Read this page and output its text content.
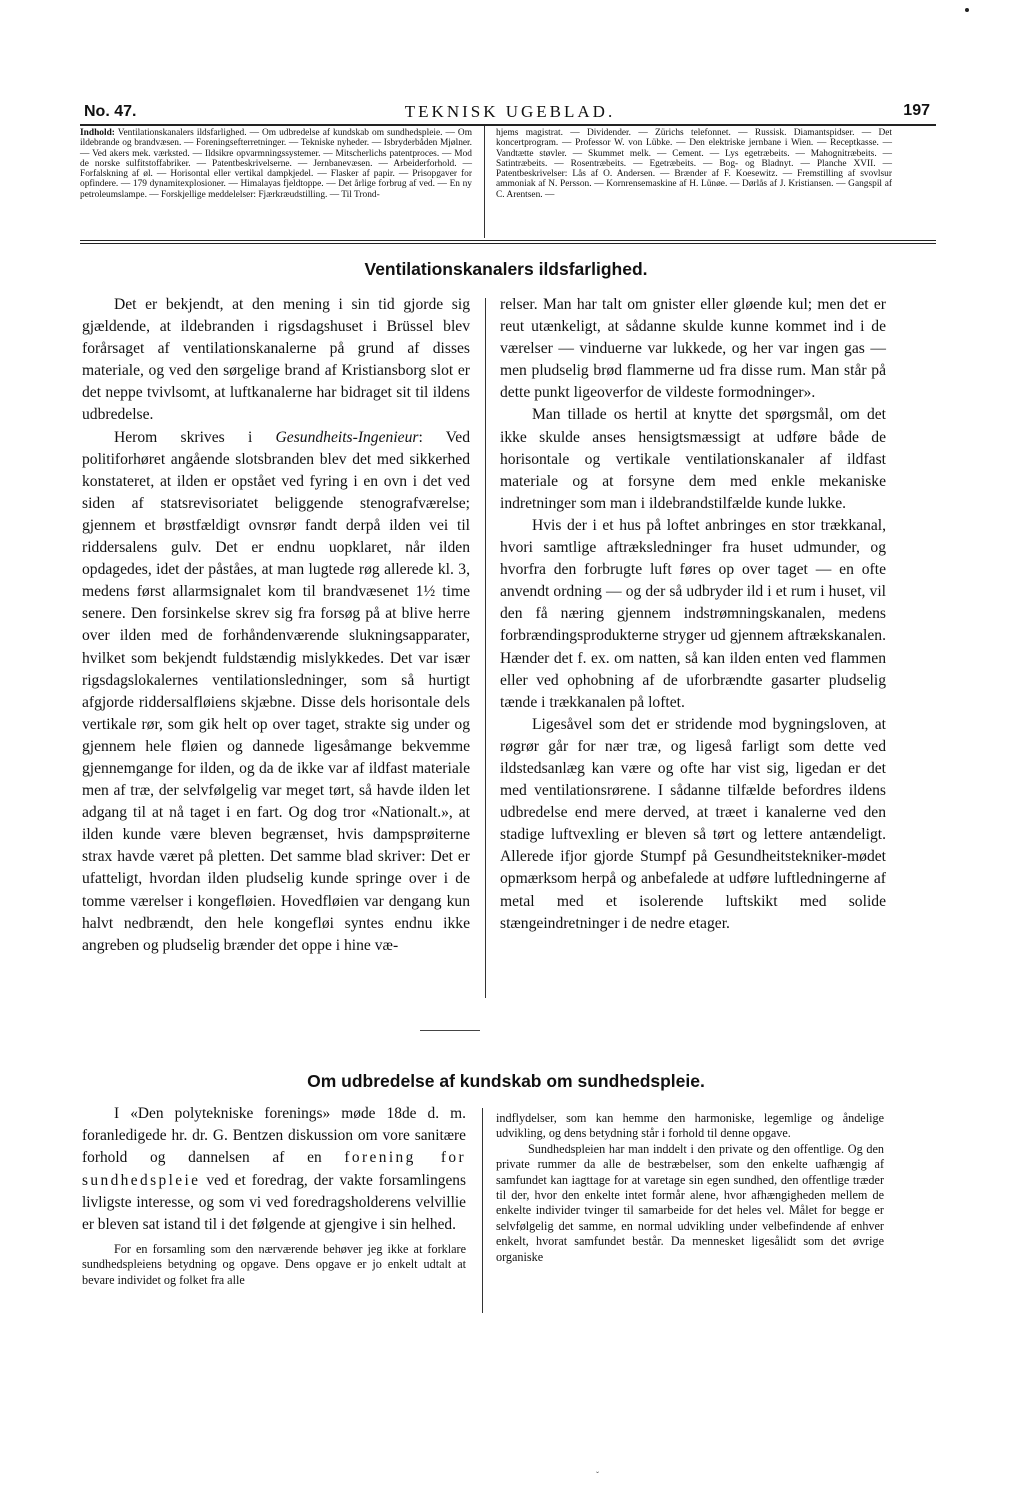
No. 47.	TEKNISK UGEBLAD.	197
Indhold: Ventilationskanalers ildsfarlighed. — Om udbredelse af kundskab om sundhedspleie. — Om ildebrande og brandvæsen. — Foreningsefterretninger. — Tekniske nyheder. — Isbryderbåden Mjølner. — Ved akers mek. værksted. — Ildsikre opvarmningssystemer. — Mitscherlichs patentproces. — Mod de norske sulfitstoffabriker. — Patentbeskrivelserne. — Jernbanevæsen. — Arbeiderforhold. — Forfalskning af øl. — Horisontal eller vertikal dampkjedel. — Flasker af papir. — Prisopgaver for opfindere. — 179 dynamitexplosioner. — Himalayas fjeldtoppe. — Det årlige forbrug af ved. — En ny petroleumslampe. — Forskjellige meddelelser: Fjærkræudstilling. — Til Trond-
hjems magistrat. — Dividender. — Zürichs telefonnet. — Russisk. Diamantspidser. — Det koncertprogram. — Professor W. von Lübke. — Den elektriske jernbane i Wien. — Receptkasse. — Vandtætte støvler. — Skummet melk. — Cement. — Lys egetræbeits. — Mahognitræbeits. — Satintræbeits. — Rosentræbeits. — Egetræbeits. — Bog- og Bladnyt. — Planche XVII. — Patentbeskrivelser: Lås af O. Andersen. — Brænder af F. Koesewitz. — Fremstilling af svovlsur ammoniak af N. Persson. — Kornrensemaskine af H. Lünøe. — Dørlås af J. Kristiansen. — Gangspil af C. Arentsen. —
Ventilationskanalers ildsfarlighed.

Det er bekjendt, at den mening i sin tid gjorde sig gjældende, at ildebranden i rigsdagshuset i Brüssel blev forårsaget af ventilationskanalerne på grund af disses materiale, og ved den sørgelige brand af Kristiansborg slot er det neppe tvivlsomt, at luftkanalerne har bidraget sit til ildens udbredelse.

Herom skrives i Gesundheits-Ingenieur: Ved politiforhøret angående slotsbranden blev det med sikkerhed konstateret, at ilden er opstået ved fyring i en ovn i det ved siden af statsrevisoriatet beliggende stenografværelse; gjennem et brøstfældigt ovnsrør fandt derpå ilden vei til riddersalens gulv. Det er endnu uopklaret, når ilden opdagedes, idet der påståes, at man lugtede røg allerede kl. 3, medens først allarmsignalet kom til brandvæsenet 1½ time senere. Den forsinkelse skrev sig fra forsøg på at blive herre over ilden med de forhåndenværende slukningsapparater, hvilket som bekjendt fuldstændig mislykkedes. Det var især rigsdagslokalernes ventilationsledninger, som så hurtigt afgjorde riddersalfløiens skjæbne. Disse dels horisontale dels vertikale rør, som gik helt op over taget, strakte sig under og gjennem hele fløien og dannede ligesåmange bekvemme gjennemgange for ilden, og da de ikke var af ildfast materiale men af træ, der selvfølgelig var meget tørt, så havde ilden let adgang til at nå taget i en fart. Og dog tror «Nationalt.», at ilden kunde være bleven begrænset, hvis dampsprøiterne strax havde været på pletten. Det samme blad skriver: Det er ufatteligt, hvordan ilden pludselig kunde springe over i de tomme værelser i kongefløien. Hovedfløien var dengang kun halvt nedbrændt, den hele kongefløi syntes endnu ikke angreben og pludselig brænder det oppe i hine væ-

relser. Man har talt om gnister eller gløende kul; men det er reut utænkeligt, at sådanne skulde kunne kommet ind i de værelser — vinduerne var lukkede, og her var ingen gas — men pludselig brød flammerne ud fra disse rum. Man står på dette punkt ligeoverfor de vildeste formodninger».

Man tillade os hertil at knytte det spørgsmål, om det ikke skulde anses hensigtsmæssigt at udføre både de horisontale og vertikale ventilationskanaler af ildfast materiale og at forsyne dem med enkle mekaniske indretninger som man i ildebrandstilfælde kunde lukke.

Hvis der i et hus på loftet anbringes en stor trækkanal, hvori samtlige aftræksledninger fra huset udmunder, og hvorfra den forbrugte luft føres op over taget — en ofte anvendt ordning — og der så udbryder ild i et rum i huset, vil den få næring gjennem indstrømningskanalen, medens forbrændingsprodukterne stryger ud gjennem aftrækskanalen. Hænder det f. ex. om natten, så kan ilden enten ved flammen eller ved ophobning af de uforbrændte gasarter pludselig tænde i trækkanalen på loftet.

Ligesåvel som det er stridende mod bygningsloven, at røgrør går for nær træ, og ligeså farligt som dette ved ildstedsanlæg kan være og ofte har vist sig, ligedan er det med ventilationsrørene. I sådanne tilfælde befordres ildens udbredelse end mere derved, at træet i kanalerne ved den stadige luftvexling er bleven så tørt og lettere antændeligt. Allerede ifjor gjorde Stumpf på Gesundheitstekniker-mødet opmærksom herpå og anbefalede at udføre luftledningerne af metal med et isolerende luftskikt med solide stængeindretninger i de nedre etager.

Om udbredelse af kundskab om sundhedspleie.

I «Den polytekniske forenings» møde 18de d. m. foranledigede hr. dr. G. Bentzen diskussion om vore sanitære forhold og dannelsen af en forening for sundhedspleie ved et foredrag, der vakte forsamlingens livligste interesse, og som vi ved foredragsholderens velvillie er bleven sat istand til i det følgende at gjengive i sin helhed.

For en forsamling som den nærværende behøver jeg ikke at forklare sundhedspleiens betydning og opgave. Dens opgave er jo enkelt udtalt at bevare individet og folket fra alle

indflydelser, som kan hemme den harmoniske, legemlige og åndelige udvikling, og dens betydning står i forhold til denne opgave.

Sundhedspleien har man inddelt i den private og den offentlige. Og den private rummer da alle de bestræbelser, som den enkelte uafhængig af samfundet kan iagttage for at varetage sin egen sundhed, den offentlige træder til der, hvor den enkelte intet formår alene, hvor afhængigheden mellem de enkelte individer tvinger til samarbeide for det heles vel. Målet for begge er selvfølgelig det samme, en normal udvikling under velbefindende af enhver enkelt, hvorat samfundet består. Da mennesket ligesålidt som det øvrige organiske

ˇ
